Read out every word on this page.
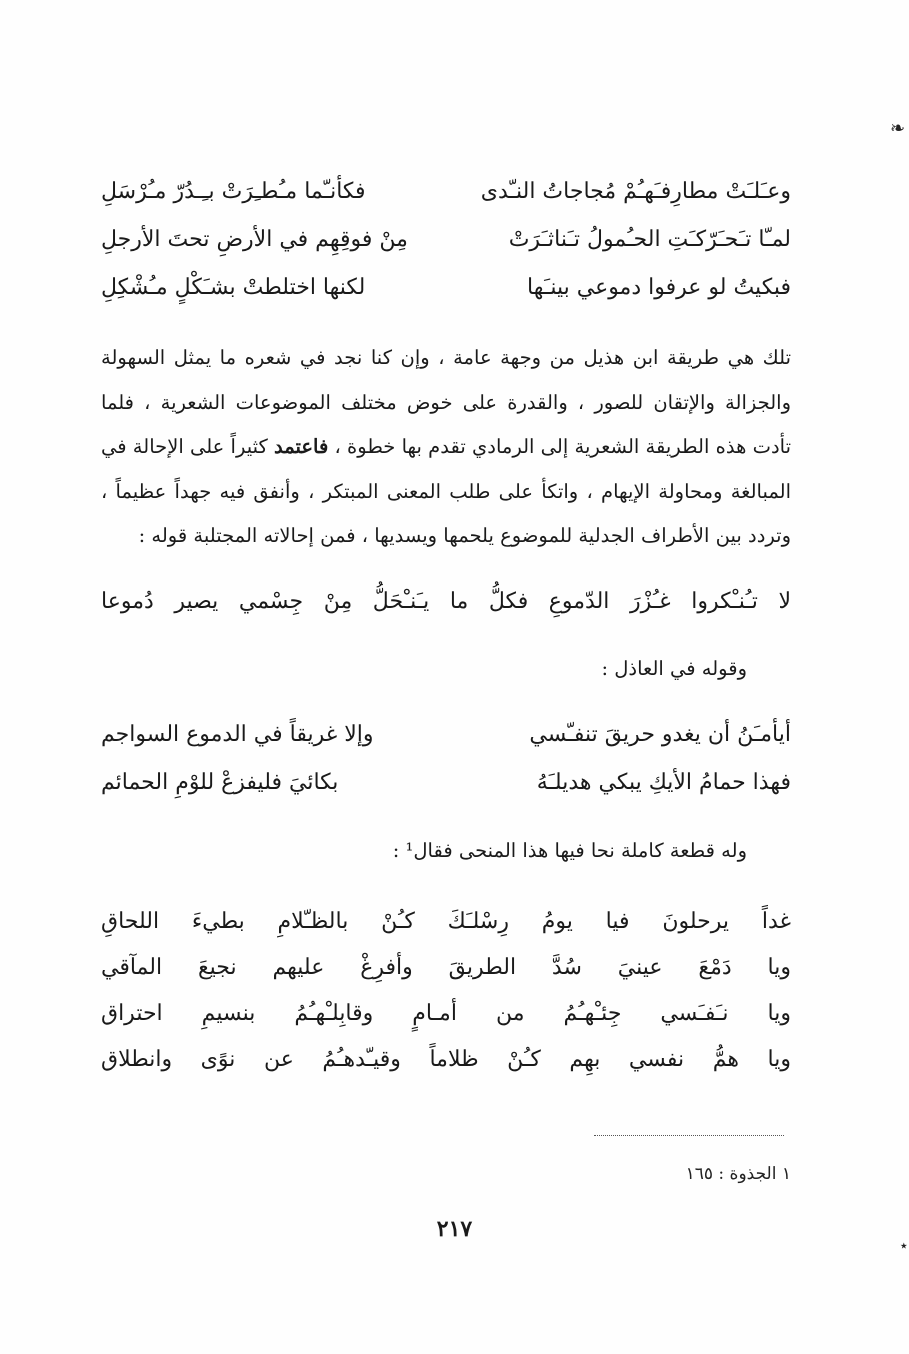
❧
٭
وعـَلـَتْ مطارِفـَهـُمْ مُجاجاتُ النـّدى
فكأنـّما مـُطـِرَتْ بـِـدُرّ مـُرْسَلِ
لمـّا تـَحـَرّكـَتِ الحـُمولُ تـَناثـَرَتْ
مِنْ فوقِهِم في الأرضِ تحتَ الأرجلِ
فبكيتُ لو عرفوا دموعي بينـَها
لكنها اختلطتْ بشـَكْلٍ مـُشْكِلِ
تلك هي طريقة ابن هذيل من وجهة عامة ، وإن كنا نجد في شعره ما يمثل السهولة والجزالة والإتقان للصور ، والقدرة على خوض مختلف الموضوعات الشعرية ، فلما تأدت هذه الطريقة الشعرية إلى الرمادي تقدم بها خطوة ، فاعتمد كثيراً على الإحالة في المبالغة ومحاولة الإيهام ، واتكأ على طلب المعنى المبتكر ، وأنفق فيه جهداً عظيماً ، وتردد بين الأطراف الجدلية للموضوع يلحمها ويسديها ، فمن إحالاته المجتلبة قوله :
لا تـُنـْكروا غـُزْرَ الدّموعِ فكلُّ ما يـَنـْحَلُّ مِنْ جِسْمي يصير دُموعا
وقوله في العاذل :
أيأمـَنُ أن يغدو حريقَ تنفـّسي
وإلا غريقاً في الدموع السواجم
فهذا حمامُ الأيكِ يبكي هديلـَهُ
بكائيَ فليفزعْ للوْمِ الحمائم
وله قطعة كاملة نحا فيها هذا المنحى فقال¹ :
غداً يرحلونَ فيا يومُ رِسْلـَكَ كـُنْ بالظـّلامِ بطيءَ اللحاقِ
ويا دَمْعَ عينيَ سُدَّ الطريقَ وأفرِغْ عليهم نجيعَ المآقي
ويا نـَفـَسي جِئـْهـُمُ من أمـامٍ وقابِلـْهـُمُ بنسيمِ احتراق
ويا همُّ نفسي بهِم كـُنْ ظلاماً وقيـّدهـُمُ عن نوًى وانطلاق
١ الجذوة : ١٦٥
٢١٧
